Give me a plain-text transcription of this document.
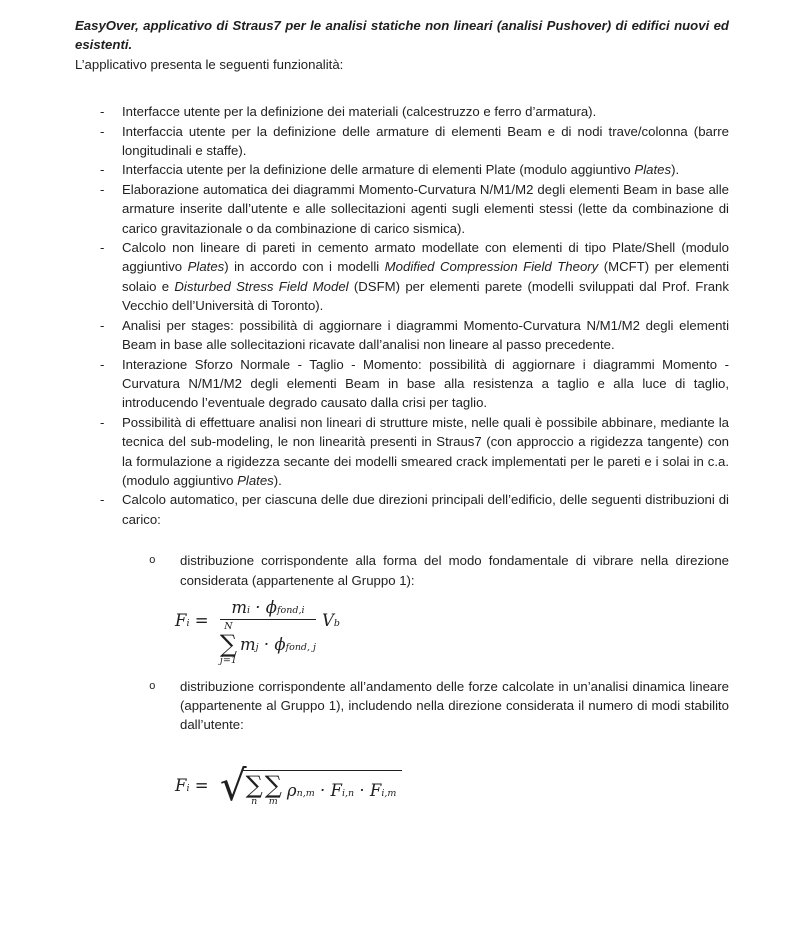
EasyOver, applicativo di Straus7 per le analisi statiche non lineari (analisi Pushover) di edifici nuovi ed esistenti.

L’applicativo presenta le seguenti funzionalità:

- Interfacce utente per la definizione dei materiali (calcestruzzo e ferro d’armatura).
- Interfaccia utente per la definizione delle armature di elementi Beam e di nodi trave/colonna (barre longitudinali e staffe).
- Interfaccia utente per la definizione delle armature di elementi Plate (modulo aggiuntivo Plates).
- Elaborazione automatica dei diagrammi Momento-Curvatura N/M1/M2 degli elementi Beam in base alle armature inserite dall’utente e alle sollecitazioni agenti sugli elementi stessi (lette da combinazione di carico gravitazionale o da combinazione di carico sismica).
- Calcolo non lineare di pareti in cemento armato modellate con elementi di tipo Plate/Shell (modulo aggiuntivo Plates) in accordo con i modelli Modified Compression Field Theory (MCFT) per elementi solaio e Disturbed Stress Field Model (DSFM) per elementi parete (modelli sviluppati dal Prof. Frank Vecchio dell’Università di Toronto).
- Analisi per stages: possibilità di aggiornare i diagrammi Momento-Curvatura N/M1/M2 degli elementi Beam in base alle sollecitazioni ricavate dall’analisi non lineare al passo precedente.
- Interazione Sforzo Normale - Taglio - Momento: possibilità di aggiornare i diagrammi Momento - Curvatura N/M1/M2 degli elementi Beam in base alla resistenza a taglio e alla luce di taglio, introducendo l’eventuale degrado causato dalla crisi per taglio.
- Possibilità di effettuare analisi non lineari di strutture miste, nelle quali è possibile abbinare, mediante la tecnica del sub-modeling, le non linearità presenti in Straus7 (con approccio a rigidezza tangente) con la formulazione a rigidezza secante dei modelli smeared crack implementati per le pareti e i solai in c.a. (modulo aggiuntivo Plates).
- Calcolo automatico, per ciascuna delle due direzioni principali dell’edificio, delle seguenti distribuzioni di carico:
o distribuzione corrispondente alla forma del modo fondamentale di vibrare nella direzione considerata (appartenente al Gruppo 1):
F i =
m i · ϕ fond,i
N
∑
j=1
m j · ϕ fond, j
V b
o distribuzione corrispondente all’andamento delle forze calcolate in un’analisi dinamica lineare (appartenente al Gruppo 1), includendo nella direzione considerata il numero di modi stabilito dall’utente:
F i = √ ∑
n
∑
m
ρ n,m · F i,n · F i,m
